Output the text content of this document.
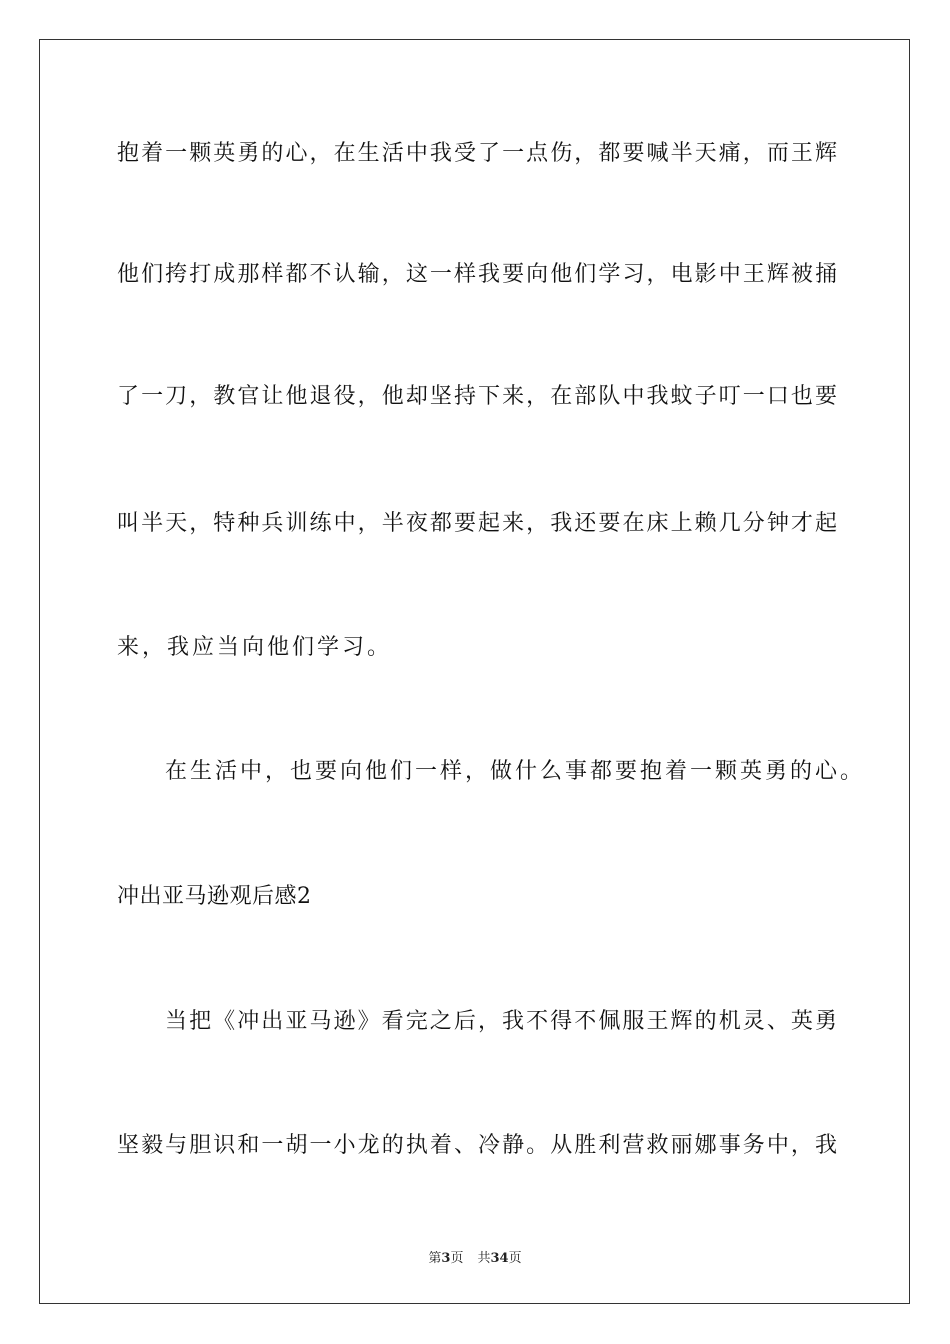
抱着一颗英勇的心，在生活中我受了一点伤，都要喊半天痛，而王辉
他们挎打成那样都不认输，这一样我要向他们学习，电影中王辉被捅
了一刀，教官让他退役，他却坚持下来，在部队中我蚊子叮一口也要
叫半天，特种兵训练中，半夜都要起来，我还要在床上赖几分钟才起
来，我应当向他们学习。
在生活中，也要向他们一样，做什么事都要抱着一颗英勇的心。
冲出亚马逊观后感2
当把《冲出亚马逊》看完之后，我不得不佩服王辉的机灵、英勇
坚毅与胆识和一胡一小龙的执着、冷静。从胜利营救丽娜事务中，我
第3页 共34页
